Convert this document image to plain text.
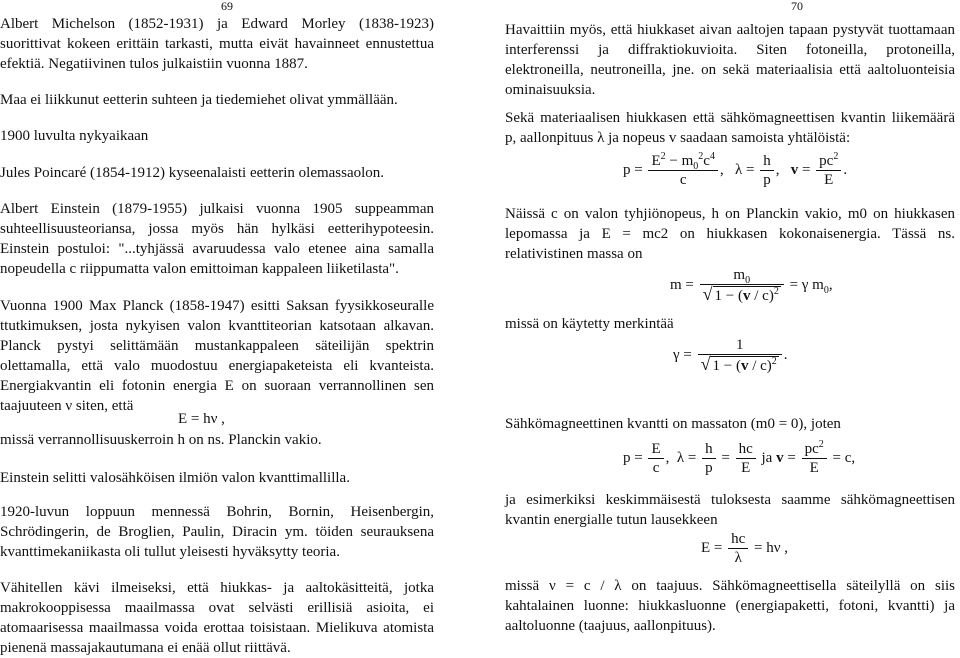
69

Albert Michelson (1852-1931) ja Edward Morley (1838-1923) suorittivat kokeen erittäin tarkasti, mutta eivät havainneet ennustettua efektiä. Negatiivinen tulos julkaistiin vuonna 1887.

Maa ei liikkunut eetterin suhteen ja tiedemiehet olivat ymmällään.

1900 luvulta nykyaikaan

Jules Poincaré (1854-1912) kyseenalaisti eetterin olemassaolon.

Albert Einstein (1879-1955) julkaisi vuonna 1905 suppeamman suhteellisuusteoriansa, jossa myös hän hylkäsi eetterihypoteesin. Einstein postuloi: "...tyhjässä avaruudessa valo etenee aina samalla nopeudella c riippumatta valon emittoiman kappaleen liiketilasta".

Vuonna 1900 Max Planck (1858-1947) esitti Saksan fyysikkoseuralle ttutkimuksen, josta nykyisen valon kvanttiteorian katsotaan alkavan. Planck pystyi selittämään mustankappaleen säteilijän spektrin olettamalla, että valo muodostuu energiapaketeista eli kvanteista. Energiakvantin eli fotonin energia E on suoraan verrannollinen sen taajuuteen ν siten, että

E = hν ,

missä verrannollisuuskerroin h on ns. Planckin vakio.

Einstein selitti valosähköisen ilmiön valon kvanttimallilla.

1920-luvun loppuun mennessä Bohrin, Bornin, Heisenbergin, Schrödingerin, de Broglien, Paulin, Diracin ym. töiden seurauksena kvanttimekaniikasta oli tullut yleisesti hyväksytty teoria.

Vähitellen kävi ilmeiseksi, että hiukkas- ja aaltokäsitteitä, jotka makrokooppisessa maailmassa ovat selvästi erillisiä asioita, ei atomaarisessa maailmassa voida erottaa toisistaan. Mielikuva atomista pienenä massajakautumana ei enää ollut riittävä.

70

Havaittiin myös, että hiukkaset aivan aaltojen tapaan pystyvät tuottamaan interferenssi ja diffraktiokuvioita. Siten fotoneilla, protoneilla, elektroneilla, neutroneilla, jne. on sekä materiaalisia että aaltoluonteisia ominaisuuksia.

Sekä materiaalisen hiukkasen että sähkömagneettisen kvantin liikemäärä p, aallonpituus λ ja nopeus v saadaan samoista yhtälöistä:

$p = \frac{E^2 - m_0^2c^4}{c}$ ,   $\lambda = \frac{h}{p}$ ,   $v = \frac{pc^2}{E}$ .

Näissä c on valon tyhjiönopeus, h on Planckin vakio, m0 on hiukkasen lepomassa ja E = mc2 on hiukkasen kokonaisenergia. Tässä ns. relativistinen massa on

$m = \frac{m_0}{√ 1 - (v / c)^2} = \gamma$ $m_0$,

missä on käytetty merkintää

$\gamma = \frac{1}{√ 1 - (v / c)^2}$ .

Sähkömagneettinen kvantti on massaton (m0 = 0), joten

$p = \frac{E}{c}$ ,  $\lambda = \frac{h}{p} = \frac{hc}{E}$ ja $v = \frac{pc^2}{E} = c$,

ja esimerkiksi keskimmäisestä tuloksesta saamme sähkömagneettisen kvantin energialle tutun lausekkeen

$E = \frac{hc}{\lambda} = h\nu$ ,

missä ν = c / λ on taajuus. Sähkömagneettisella säteilyllä on siis kahtalainen luonne: hiukkasluonne (energiapaketti, fotoni, kvantti) ja aaltoluonne (taajuus, aallonpituus).
